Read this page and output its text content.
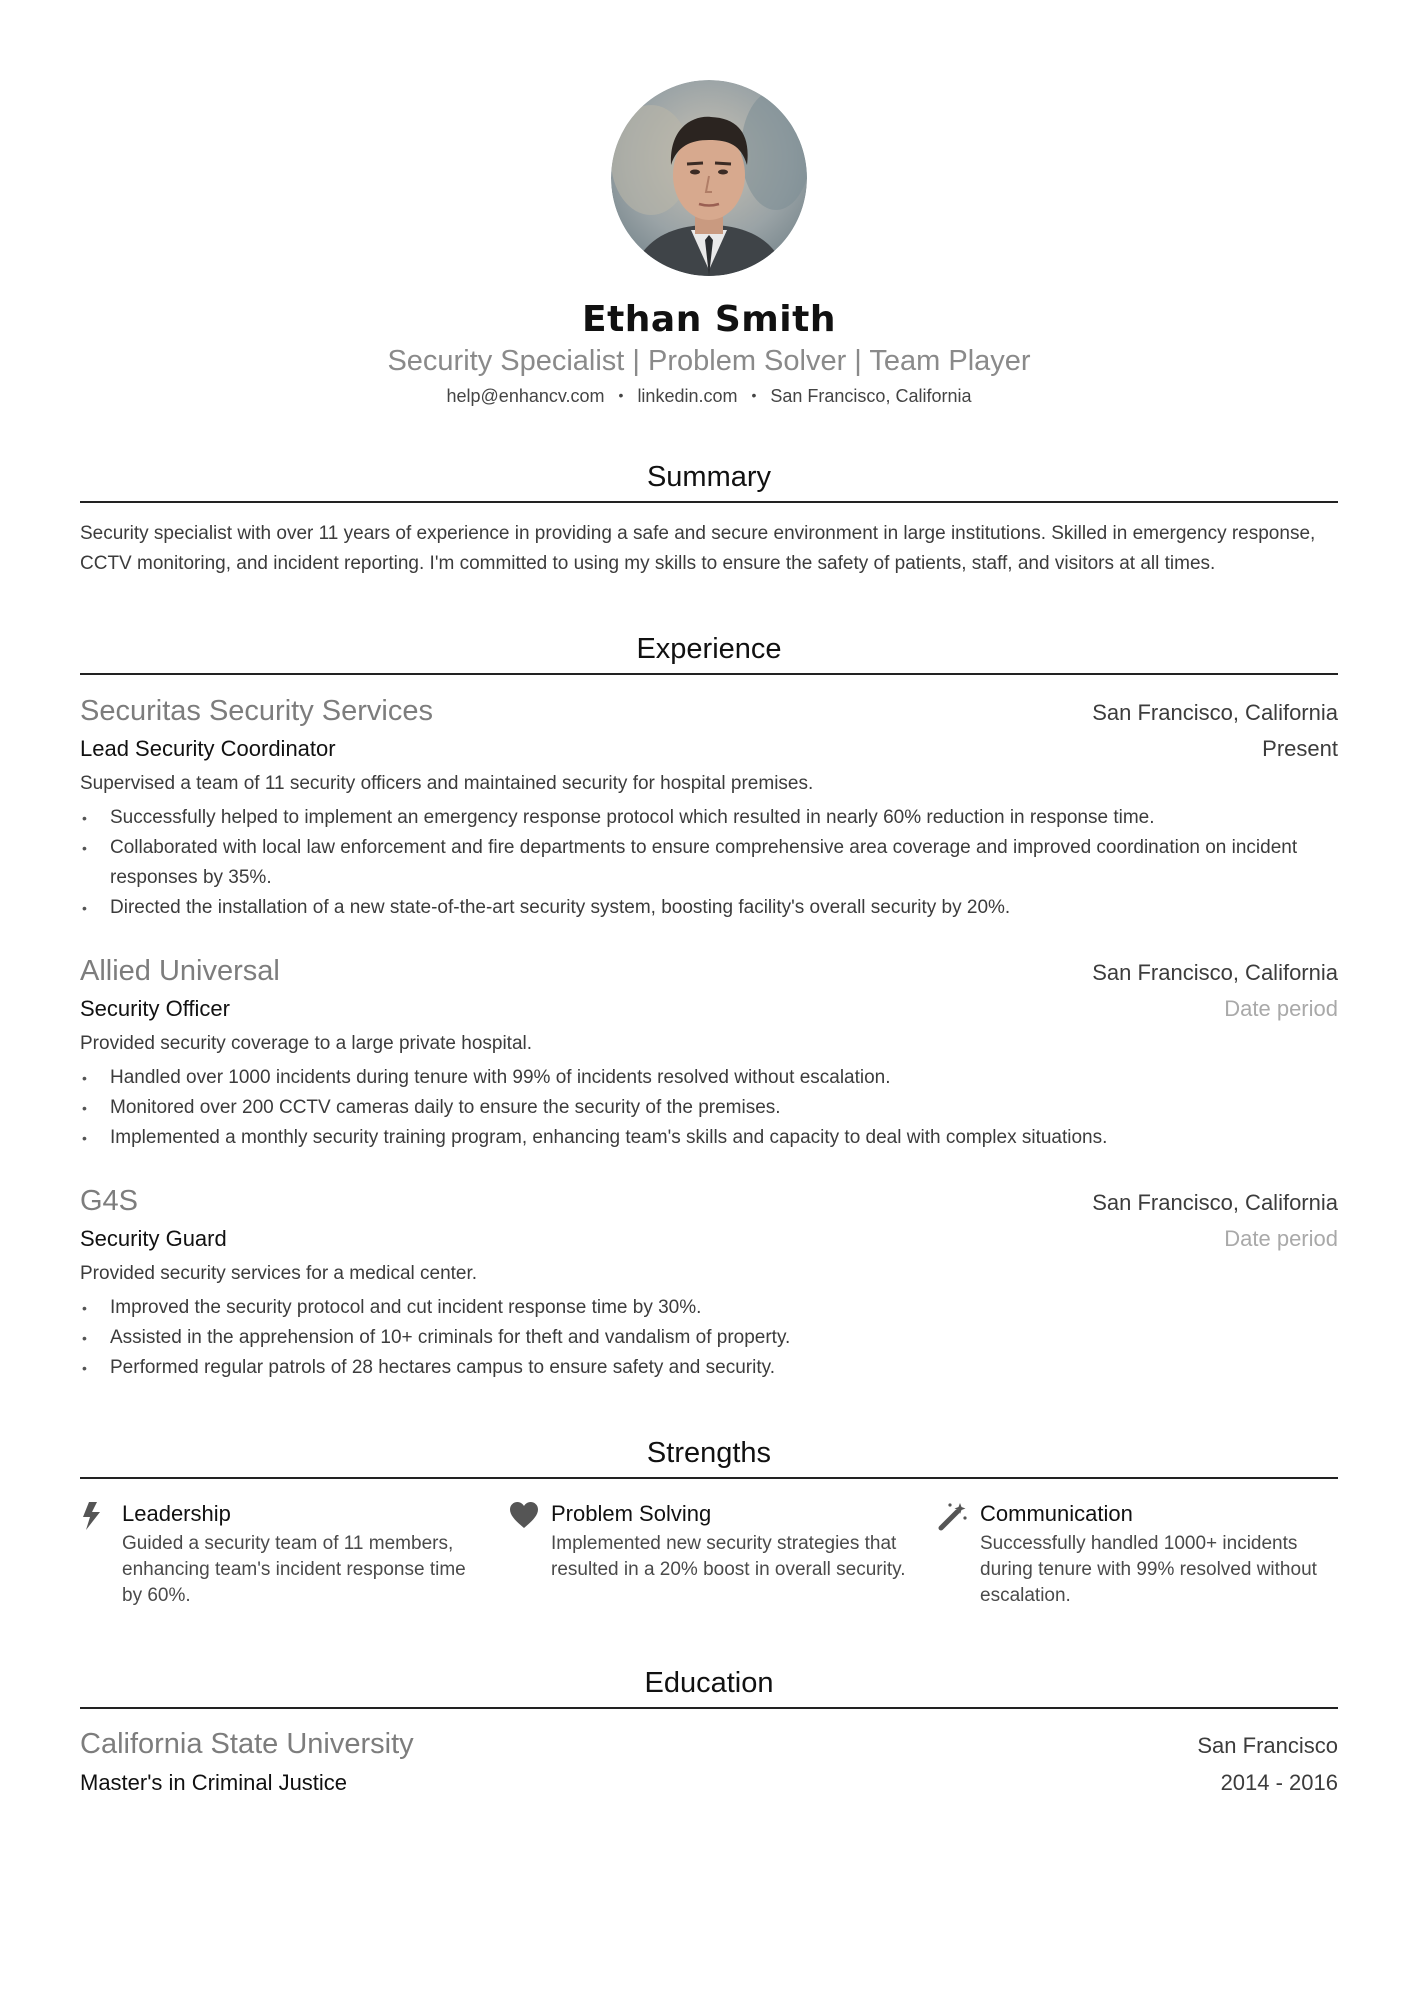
Ethan Smith
Security Specialist | Problem Solver | Team Player
help@enhancv.com • linkedin.com • San Francisco, California
Summary
Security specialist with over 11 years of experience in providing a safe and secure environment in large institutions. Skilled in emergency response, CCTV monitoring, and incident reporting. I'm committed to using my skills to ensure the safety of patients, staff, and visitors at all times.
Experience
Securitas Security Services	San Francisco, California
Lead Security Coordinator	Present
Supervised a team of 11 security officers and maintained security for hospital premises.
• Successfully helped to implement an emergency response protocol which resulted in nearly 60% reduction in response time.
• Collaborated with local law enforcement and fire departments to ensure comprehensive area coverage and improved coordination on incident responses by 35%.
• Directed the installation of a new state-of-the-art security system, boosting facility's overall security by 20%.
Allied Universal	San Francisco, California
Security Officer	Date period
Provided security coverage to a large private hospital.
• Handled over 1000 incidents during tenure with 99% of incidents resolved without escalation.
• Monitored over 200 CCTV cameras daily to ensure the security of the premises.
• Implemented a monthly security training program, enhancing team's skills and capacity to deal with complex situations.
G4S	San Francisco, California
Security Guard	Date period
Provided security services for a medical center.
• Improved the security protocol and cut incident response time by 30%.
• Assisted in the apprehension of 10+ criminals for theft and vandalism of property.
• Performed regular patrols of 28 hectares campus to ensure safety and security.
Strengths
Leadership
Guided a security team of 11 members, enhancing team's incident response time by 60%.
Problem Solving
Implemented new security strategies that resulted in a 20% boost in overall security.
Communication
Successfully handled 1000+ incidents during tenure with 99% resolved without escalation.
Education
California State University	San Francisco
Master's in Criminal Justice	2014 - 2016
